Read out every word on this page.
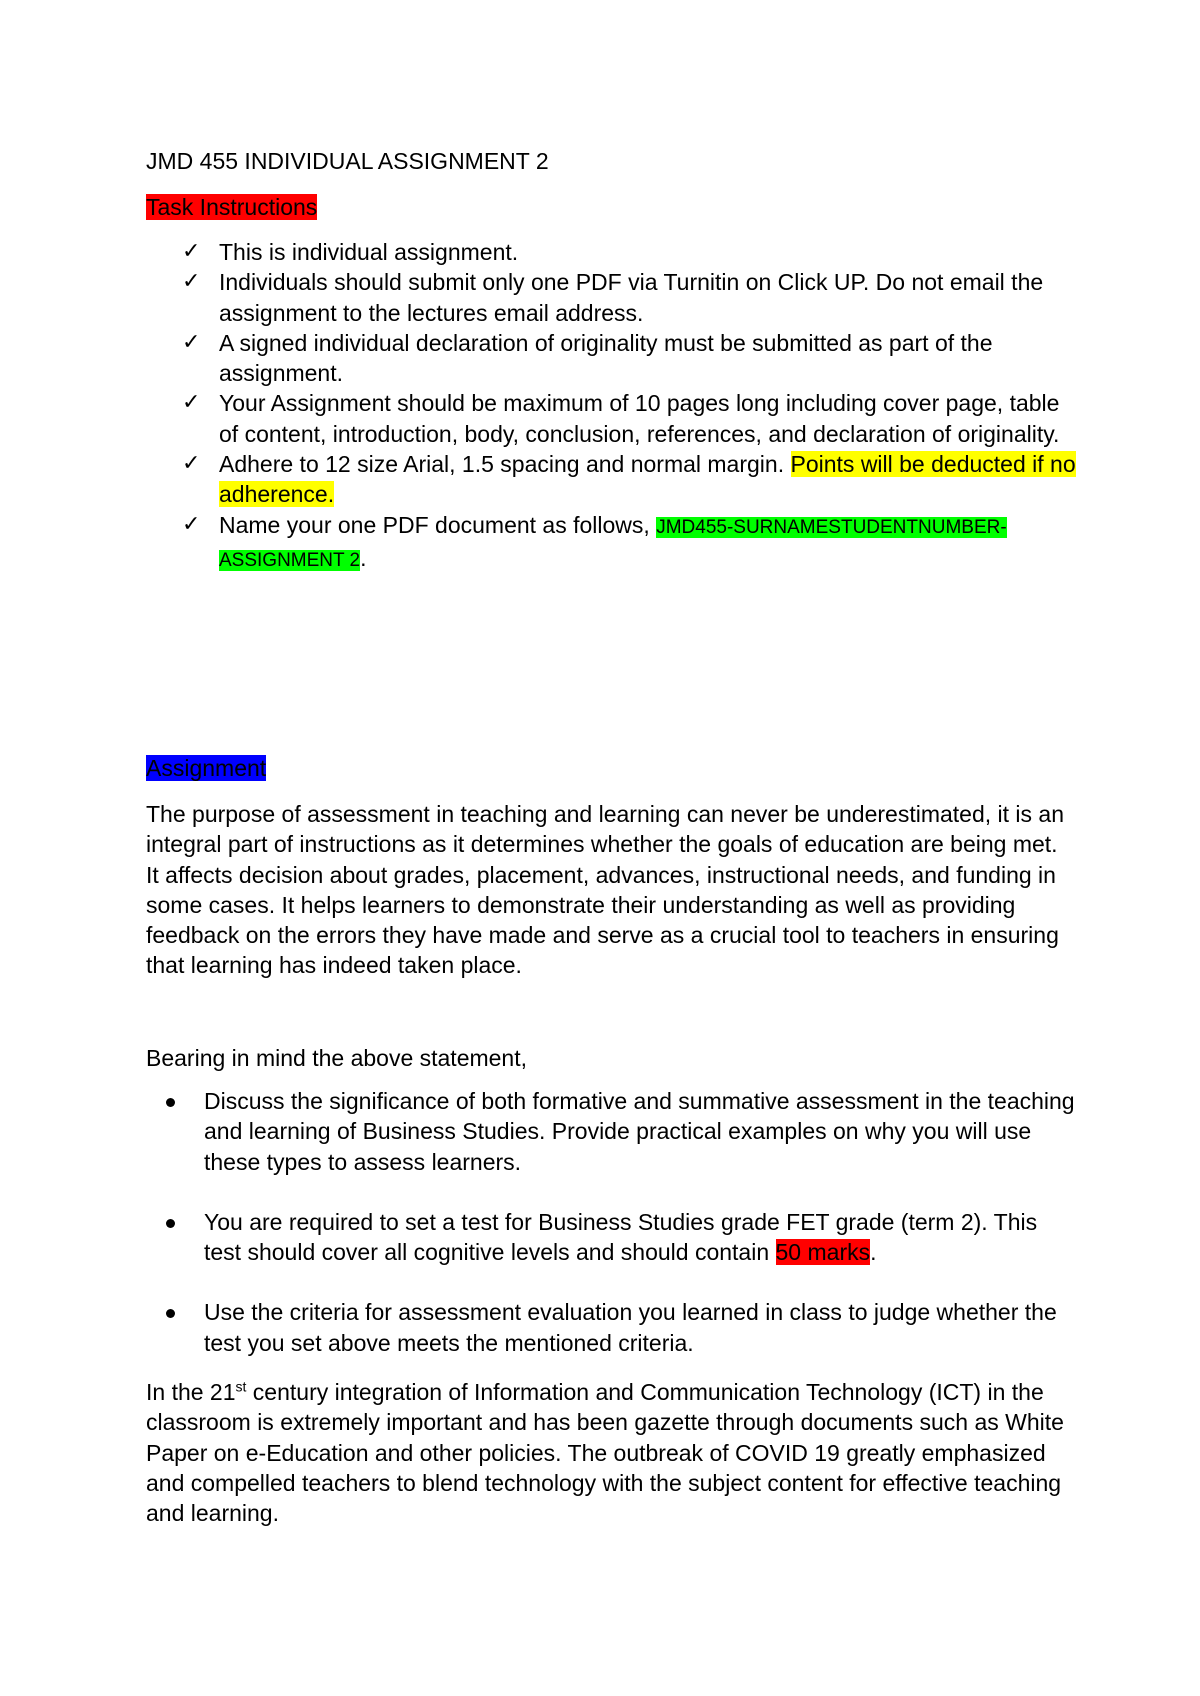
JMD 455 INDIVIDUAL ASSIGNMENT 2
Task Instructions
✓ This is individual assignment.
✓ Individuals should submit only one PDF via Turnitin on Click UP. Do not email the assignment to the lectures email address.
✓ A signed individual declaration of originality must be submitted as part of the assignment.
✓ Your Assignment should be maximum of 10 pages long including cover page, table of content, introduction, body, conclusion, references, and declaration of originality.
✓ Adhere to 12 size Arial, 1.5 spacing and normal margin. Points will be deducted if no adherence.
✓ Name your one PDF document as follows, JMD455-SURNAMESTUDENTNUMBER-ASSIGNMENT 2.
Assignment

The purpose of assessment in teaching and learning can never be underestimated, it is an integral part of instructions as it determines whether the goals of education are being met. It affects decision about grades, placement, advances, instructional needs, and funding in some cases. It helps learners to demonstrate their understanding as well as providing feedback on the errors they have made and serve as a crucial tool to teachers in ensuring that learning has indeed taken place.

Bearing in mind the above statement,

Discuss the significance of both formative and summative assessment in the teaching and learning of Business Studies. Provide practical examples on why you will use these types to assess learners.
You are required to set a test for Business Studies grade FET grade (term 2). This test should cover all cognitive levels and should contain 50 marks.
Use the criteria for assessment evaluation you learned in class to judge whether the test you set above meets the mentioned criteria.

In the 21st century integration of Information and Communication Technology (ICT) in the classroom is extremely important and has been gazette through documents such as White Paper on e-Education and other policies. The outbreak of COVID 19 greatly emphasized and compelled teachers to blend technology with the subject content for effective teaching and learning.
